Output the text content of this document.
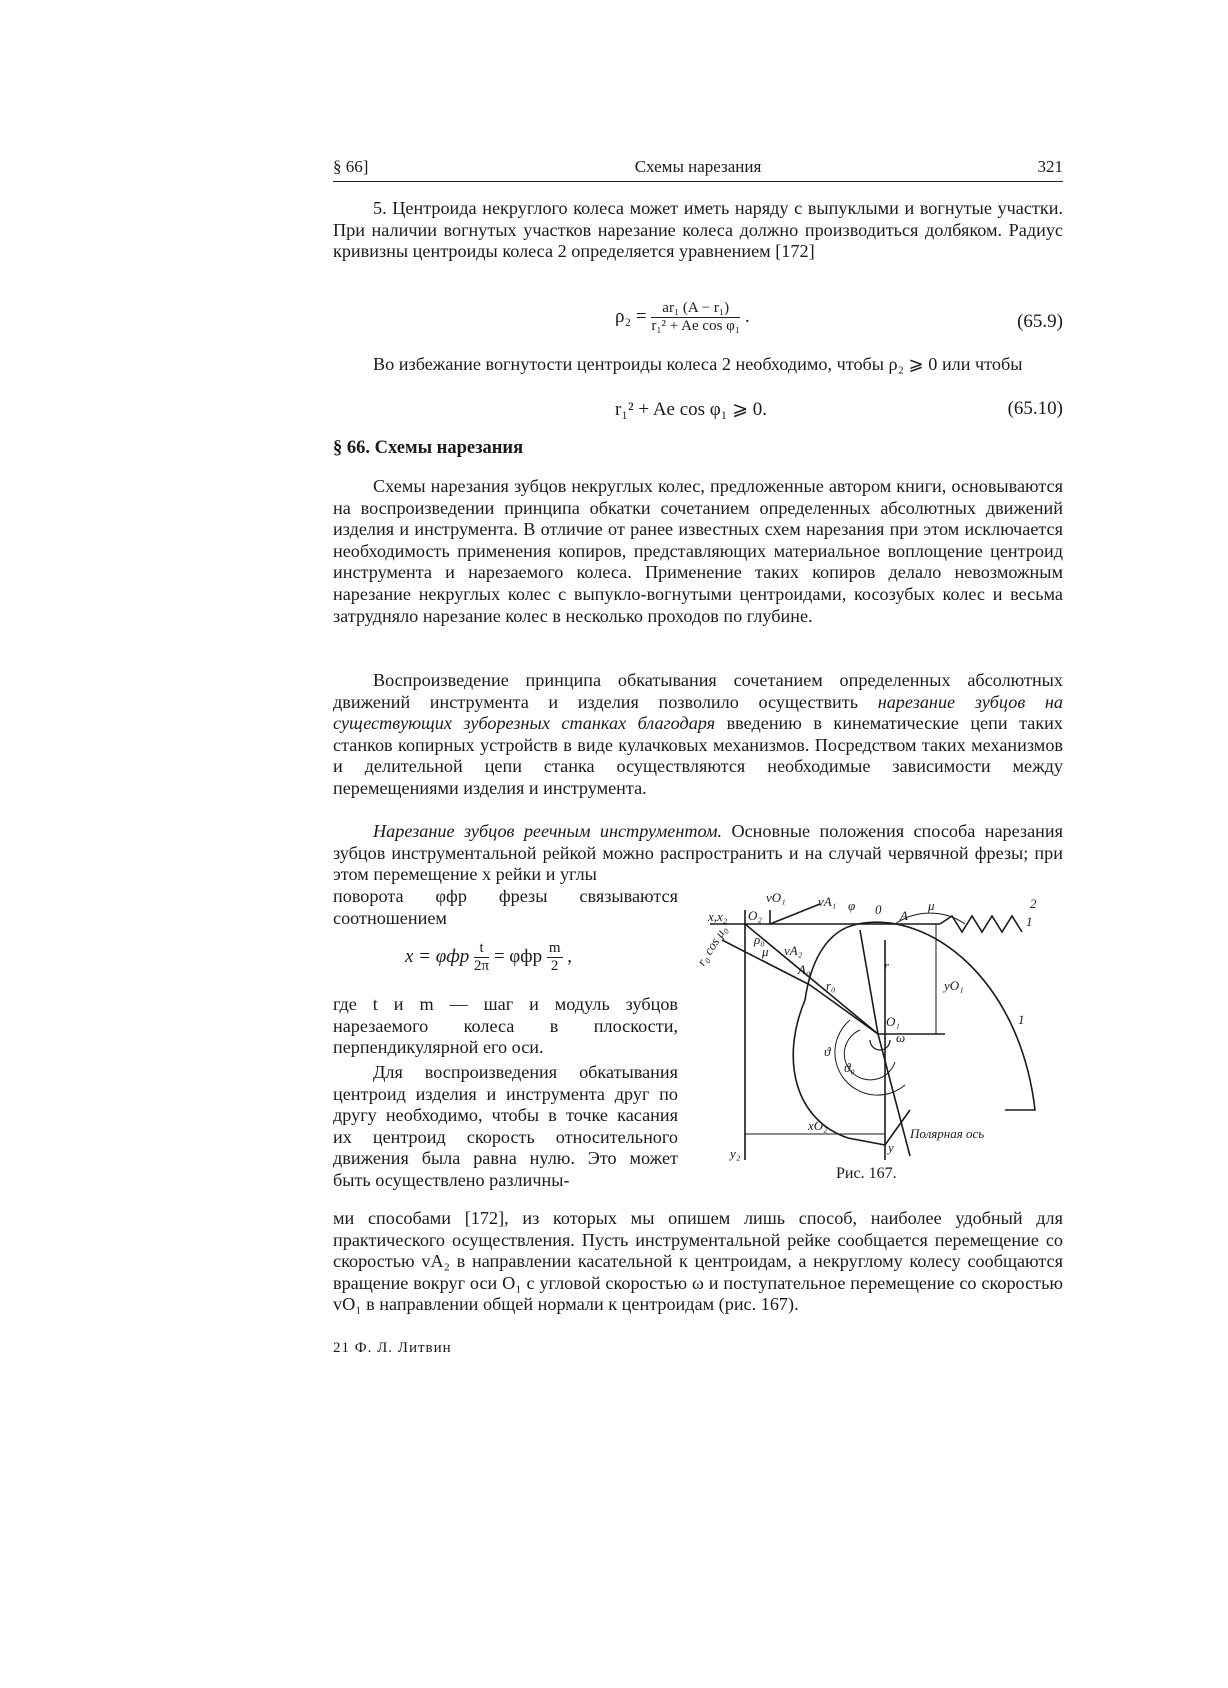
§ 66]	Схемы нарезания	321

5. Центроида некруглого колеса может иметь наряду с выпуклыми и вогнутые участки. При наличии вогнутых участков нарезание колеса должно производиться долбяком. Радиус кривизны центроиды колеса 2 определяется уравнением [172]

$\rho_2 = \frac{\text{ar₁ (A − r₁)}}{\text{r₁² + Ae cos φ₁}}$ .	(65.9)

Во избежание вогнутости центроиды колеса 2 необходимо, чтобы ρ₂ ⩾ 0 или чтобы

r₁² + Ae cos φ₁ ⩾ 0.	(65.10)
§ 66. Схемы нарезания

Схемы нарезания зубцов некруглых колес, предложенные автором книги, основываются на воспроизведении принципа обкатки сочетанием определенных абсолютных движений изделия и инструмента. В отличие от ранее известных схем нарезания при этом исключается необходимость применения копиров, представляющих материальное воплощение центроид инструмента и нарезаемого колеса. Применение таких копиров делало невозможным нарезание некруглых колес с выпукло-вогнутыми центроидами, косозубых колес и весьма затрудняло нарезание колес в несколько проходов по глубине.

Воспроизведение принципа обкатывания сочетанием определенных абсолютных движений инструмента и изделия позволило осуществить нарезание зубцов на существующих зуборезных станках благодаря введению в кинематические цепи таких станков копирных устройств в виде кулачковых механизмов. Посредством таких механизмов и делительной цепи станка осуществляются необходимые зависимости между перемещениями изделия и инструмента.

Нарезание зубцов реечным инструментом. Основные положения способа нарезания зубцов инструментальной рейкой можно распространить и на случай червячной фрезы; при этом перемещение x рейки и углы

поворота φфр фрезы связываются соотношением

x = φфр $\frac{t}{2\pi} = \varphi фр \frac{m}{2}$ ,

где t и m — шаг и модуль зубцов нарезаемого колеса в плоскости, перпендикулярной его оси.

Для воспроизведения обкатывания центроид изделия и инструмента друг по другу необходимо, чтобы в точке касания их центроид скорость относительного движения была равна нулю. Это может быть осуществлено различны-

ми способами [172], из которых мы опишем лишь способ, наиболее удобный для практического осуществления. Пусть инструментальной рейке сообщается перемещение со скоростью vA₂ в направлении касательной к центроидам, а некруглому колесу сообщаются вращение вокруг оси O₁ с угловой скоростью ω и поступательное перемещение со скоростью vO₁ в направлении общей нормали к центроидам (рис. 167).

x,x₂ O₂
vO₁ vA₁ φ 0 A
μ	2
1
1
r
yO₁
ρ₀
vA₂
μ
A₀
r₀
r₀ cos μ₀
O₁
ω
ϑ
ϑ₀
xO₂
y
y₂
Полярная ось
Рис. 167.
21 Ф. Л. Литвин
